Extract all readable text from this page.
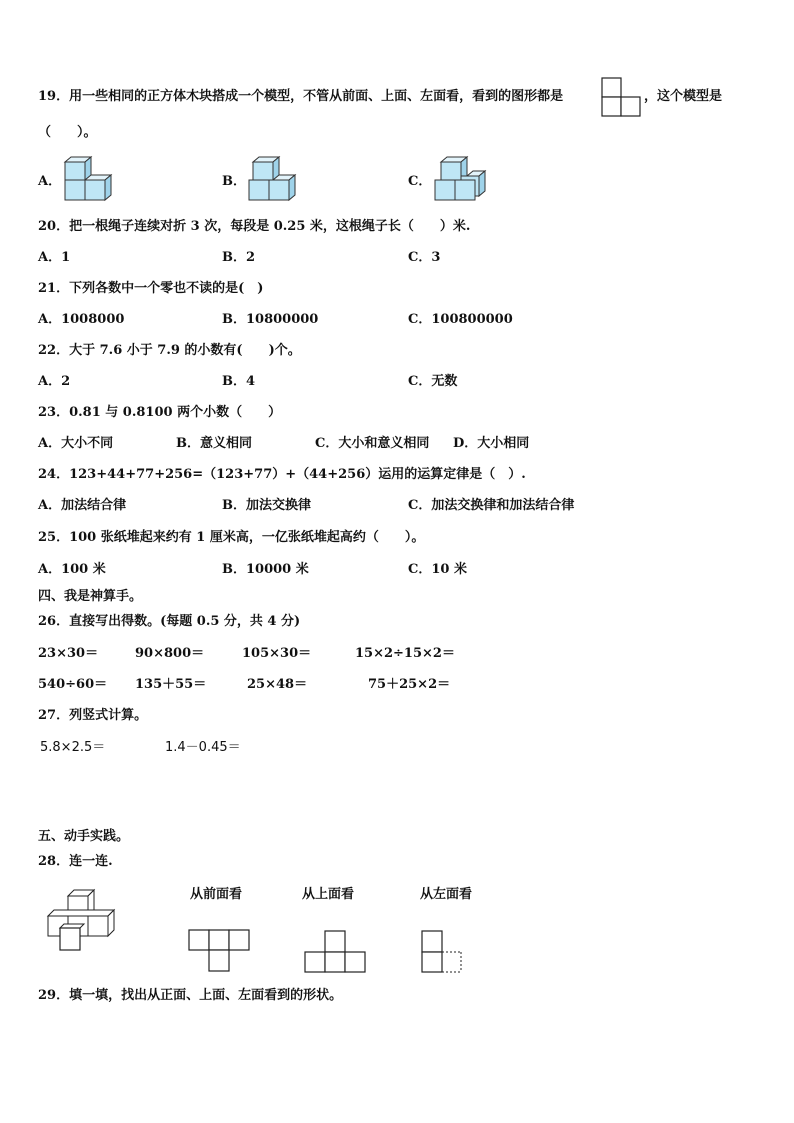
19．用一些相同的正方体木块搭成一个模型，不管从前面、上面、左面看，看到的图形都是	，这个模型是
（　　）。
A．	B．	C．
20．把一根绳子连续对折 3 次，每段是 0.25 米，这根绳子长（　　）米.
A．1	B．2	C．3
21．下列各数中一个零也不读的是(　)
A．1008000	B．10800000	C．100800000
22．大于 7.6 小于 7.9 的小数有(　　)个。
A．2	B．4	C．无数
23．0.81 与 0.8100 两个小数（　　）
A．大小不同	B．意义相同	C．大小和意义相同 D．大小相同
24．123+44+77+256=（123+77）+（44+256）运用的运算定律是（　）.
A．加法结合律	B．加法交换律	C．加法交换律和加法结合律
25．100 张纸堆起来约有 1 厘米高，一亿张纸堆起高约（　　）。
A．100 米	B．10000 米	C．10 米
四、我是神算手。
26．直接写出得数。(每题 0.5 分，共 4 分)
23×30＝	90×800＝	105×30＝	15×2÷15×2＝
540÷60＝ 135＋55＝	25×48＝	75＋25×2＝
27．列竖式计算。
5.8×2.5＝	1.4－0.45＝
五、动手实践。
28．连一连.
从前面看	从上面看	从左面看
29．填一填，找出从正面、上面、左面看到的形状。
